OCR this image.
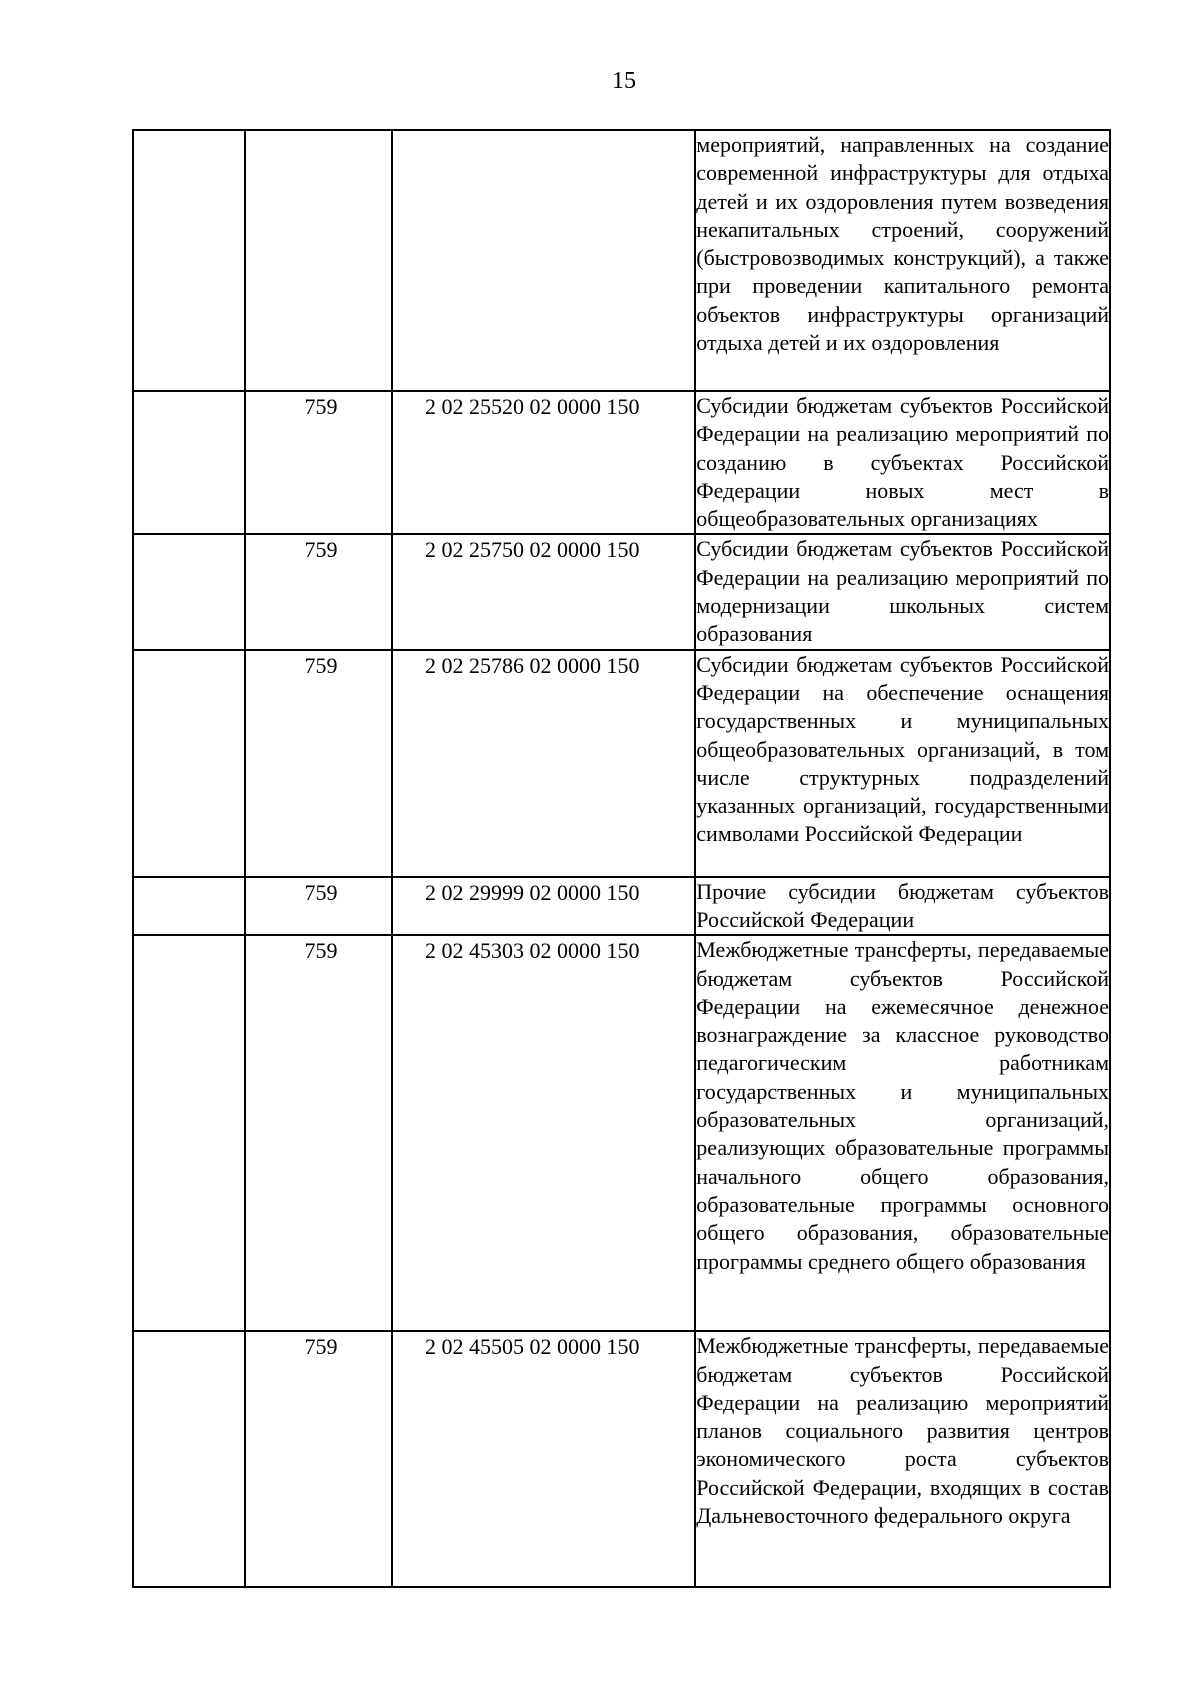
15

			мероприятий, направленных на создание современной инфраструктуры для отдыха детей и их оздоровления путем возведения некапитальных строений, сооружений (быстровозводимых конструкций), а также при проведении капитального ремонта объектов инфраструктуры организаций отдыха детей и их оздоровления

	759	2 02 25520 02 0000 150	Субсидии бюджетам субъектов Российской Федерации на реализацию мероприятий по созданию в субъектах Российской Федерации новых мест в общеобразовательных организациях

	759	2 02 25750 02 0000 150	Субсидии бюджетам субъектов Российской Федерации на реализацию мероприятий по модернизации школьных систем образования

	759	2 02 25786 02 0000 150	Субсидии бюджетам субъектов Российской Федерации на обеспечение оснащения государственных и муниципальных общеобразовательных организаций, в том числе структурных подразделений указанных организаций, государственными символами Российской Федерации

	759	2 02 29999 02 0000 150	Прочие субсидии бюджетам субъектов Российской Федерации

	759	2 02 45303 02 0000 150	Межбюджетные трансферты, передаваемые бюджетам субъектов Российской Федерации на ежемесячное денежное вознаграждение за классное руководство педагогическим работникам государственных и муниципальных образовательных организаций, реализующих образовательные программы начального общего образования, образовательные программы основного общего образования, образовательные программы среднего общего образования

	759	2 02 45505 02 0000 150	Межбюджетные трансферты, передаваемые бюджетам субъектов Российской Федерации на реализацию мероприятий планов социального развития центров экономического роста субъектов Российской Федерации, входящих в состав Дальневосточного федерального округа
